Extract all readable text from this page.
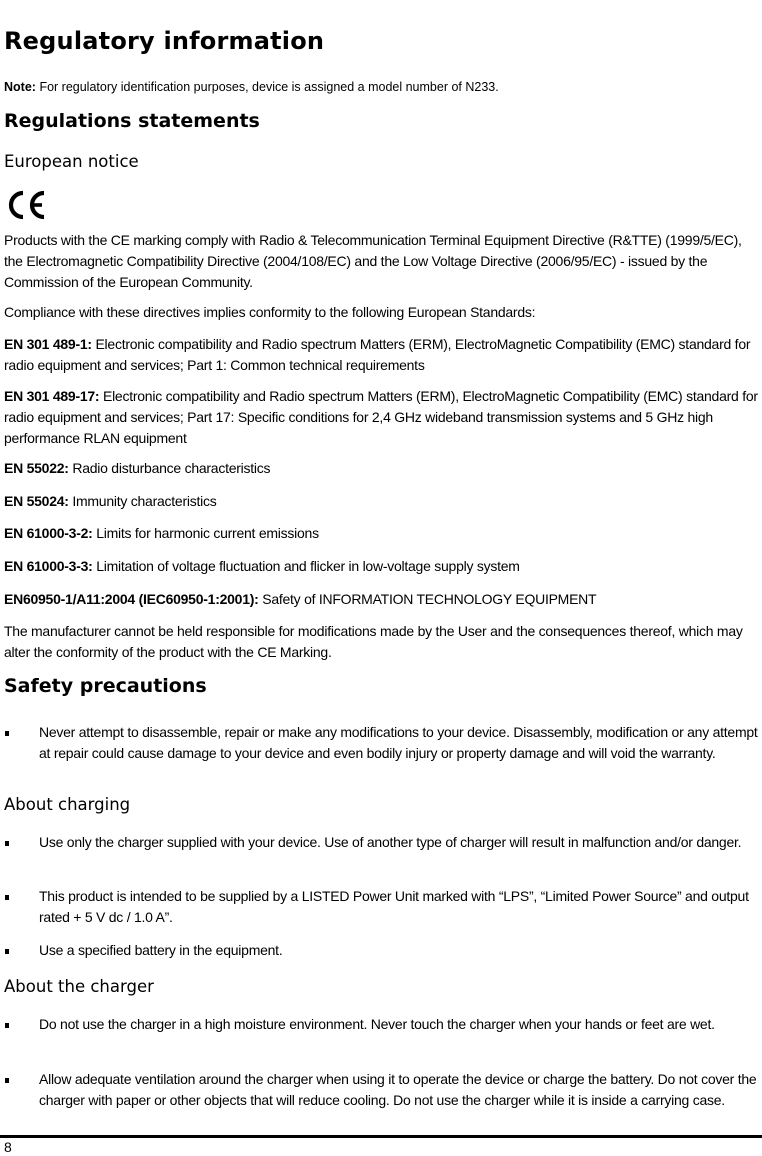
Regulatory information

Note: For regulatory identification purposes, device is assigned a model number of N233.

Regulations statements
European notice

Products with the CE marking comply with Radio & Telecommunication Terminal Equipment Directive (R&TTE) (1999/5/EC), the Electromagnetic Compatibility Directive (2004/108/EC) and the Low Voltage Directive (2006/95/EC) - issued by the Commission of the European Community.

Compliance with these directives implies conformity to the following European Standards:

EN 301 489-1: Electronic compatibility and Radio spectrum Matters (ERM), ElectroMagnetic Compatibility (EMC) standard for radio equipment and services; Part 1: Common technical requirements

EN 301 489-17: Electronic compatibility and Radio spectrum Matters (ERM), ElectroMagnetic Compatibility (EMC) standard for radio equipment and services; Part 17: Specific conditions for 2,4 GHz wideband transmission systems and 5 GHz high performance RLAN equipment

EN 55022: Radio disturbance characteristics

EN 55024: Immunity characteristics

EN 61000-3-2: Limits for harmonic current emissions

EN 61000-3-3: Limitation of voltage fluctuation and flicker in low-voltage supply system

EN60950-1/A11:2004 (IEC60950-1:2001): Safety of INFORMATION TECHNOLOGY EQUIPMENT

The manufacturer cannot be held responsible for modifications made by the User and the consequences thereof, which may alter the conformity of the product with the CE Marking.

Safety precautions
Never attempt to disassemble, repair or make any modifications to your device. Disassembly, modification or any attempt at repair could cause damage to your device and even bodily injury or property damage and will void the warranty.
About charging
Use only the charger supplied with your device. Use of another type of charger will result in malfunction and/or danger.
This product is intended to be supplied by a LISTED Power Unit marked with “LPS”, “Limited Power Source” and output rated + 5 V dc / 1.0 A”.
Use a specified battery in the equipment.
About the charger
Do not use the charger in a high moisture environment. Never touch the charger when your hands or feet are wet.
Allow adequate ventilation around the charger when using it to operate the device or charge the battery. Do not cover the charger with paper or other objects that will reduce cooling. Do not use the charger while it is inside a carrying case.

8
